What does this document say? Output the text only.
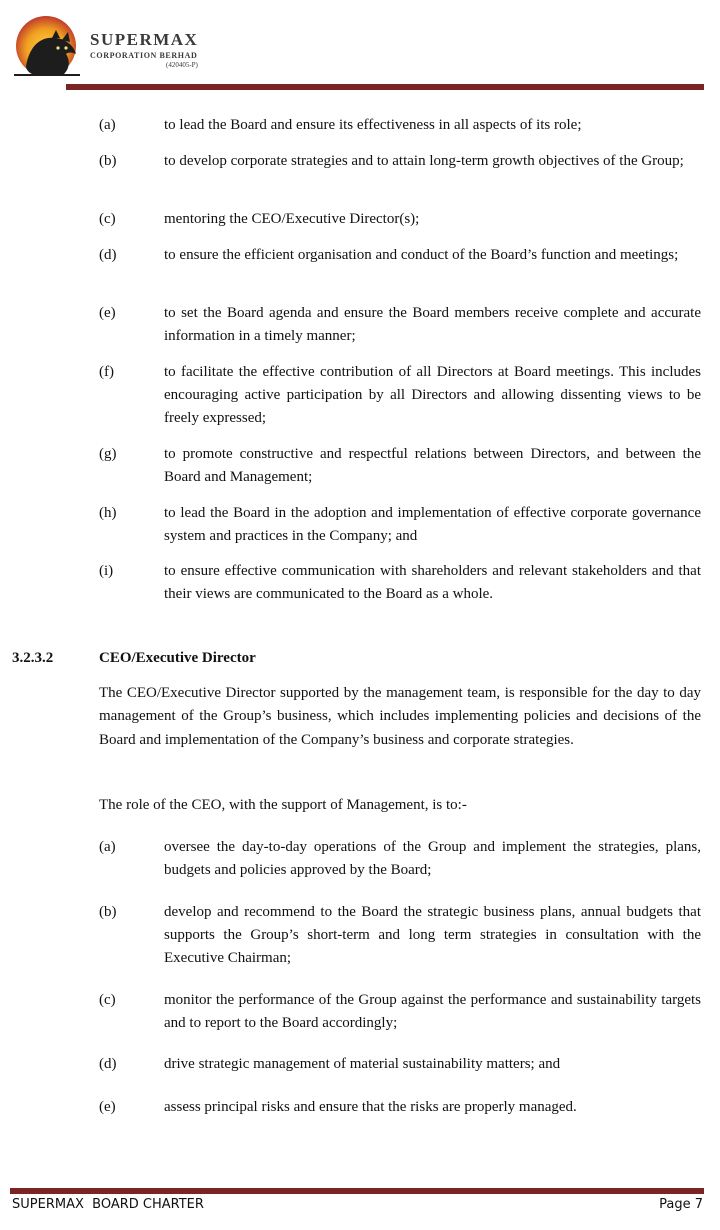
SUPERMAX
CORPORATION BERHAD
(420405-P)
(a)	to lead the Board and ensure its effectiveness in all aspects of its role;
(b)	to develop corporate strategies and to attain long-term growth objectives of the Group;
(c)	mentoring the CEO/Executive Director(s);
(d)	to ensure the efficient organisation and conduct of the Board’s function and meetings;
(e)	to set the Board agenda and ensure the Board members receive complete and accurate information in a timely manner;
(f)	to facilitate the effective contribution of all Directors at Board meetings. This includes encouraging active participation by all Directors and allowing dissenting views to be freely expressed;
(g)	to promote constructive and respectful relations between Directors, and between the Board and Management;
(h)	to lead the Board in the adoption and implementation of effective corporate governance system and practices in the Company; and
(i)	to ensure effective communication with shareholders and relevant stakeholders and that their views are communicated to the Board as a whole.
3.2.3.2	CEO/Executive Director
The CEO/Executive Director supported by the management team, is responsible for the day to day management of the Group’s business, which includes implementing policies and decisions of the Board and implementation of the Company’s business and corporate strategies.
The role of the CEO, with the support of Management, is to:-
(a)	oversee the day-to-day operations of the Group and implement the strategies, plans, budgets and policies approved by the Board;
(b)	develop and recommend to the Board the strategic business plans, annual budgets that supports the Group’s short-term and long term strategies in consultation with the Executive Chairman;
(c)	monitor the performance of the Group against the performance and sustainability targets and to report to the Board accordingly;
(d)	drive strategic management of material sustainability matters; and
(e)	assess principal risks and ensure that the risks are properly managed.
SUPERMAX  BOARD CHARTER	Page 7
